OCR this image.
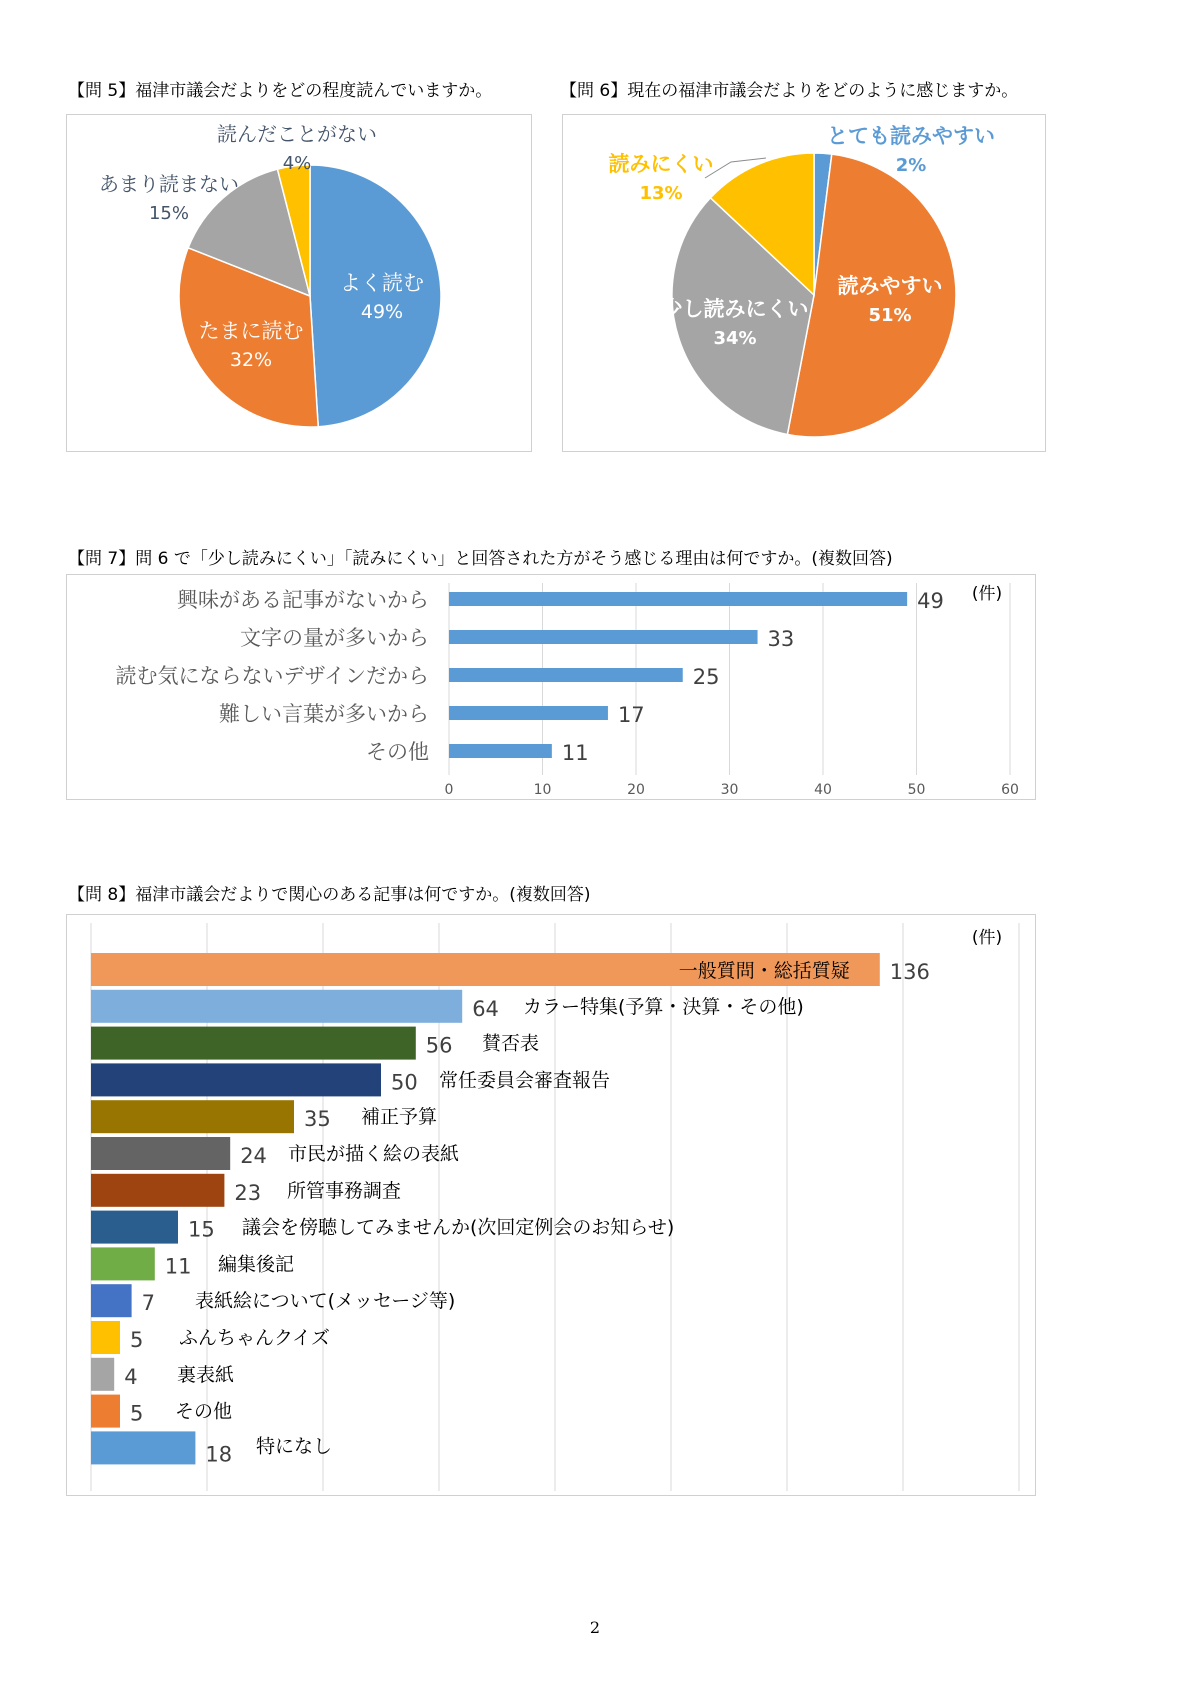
【問 5】福津市議会だよりをどの程度読んでいますか。
よく読む
49%
たまに読む
32%
あまり読まない
15%
読んだことがない
4%
【問 6】現在の福津市議会だよりをどのように感じますか。
とても読みやすい
2%
読みやすい
51%
少し読みにくい
34%
読みにくい
13%
【問 7】問 6 で「少し読みにくい」「読みにくい」と回答された方がそう感じる理由は何ですか。(複数回答)
0	10	20	30	40	50	60
興味がある記事がないから	49
文字の量が多いから	33
読む気にならないデザインだから	25
難しい言葉が多いから	17
その他	11
(件)
【問 8】福津市議会だよりで関心のある記事は何ですか。(複数回答)
(件)
136
一般質問・総括質疑
64 カラー特集(予算・決算・その他)
56 賛否表
50 常任委員会審査報告
35 補正予算
24 市民が描く絵の表紙
23 所管事務調査
15 議会を傍聴してみませんか(次回定例会のお知らせ)
11 編集後記
7 表紙絵について(メッセージ等)
5 ふんちゃんクイズ
4 裏表紙
5 その他
18 特になし
2
